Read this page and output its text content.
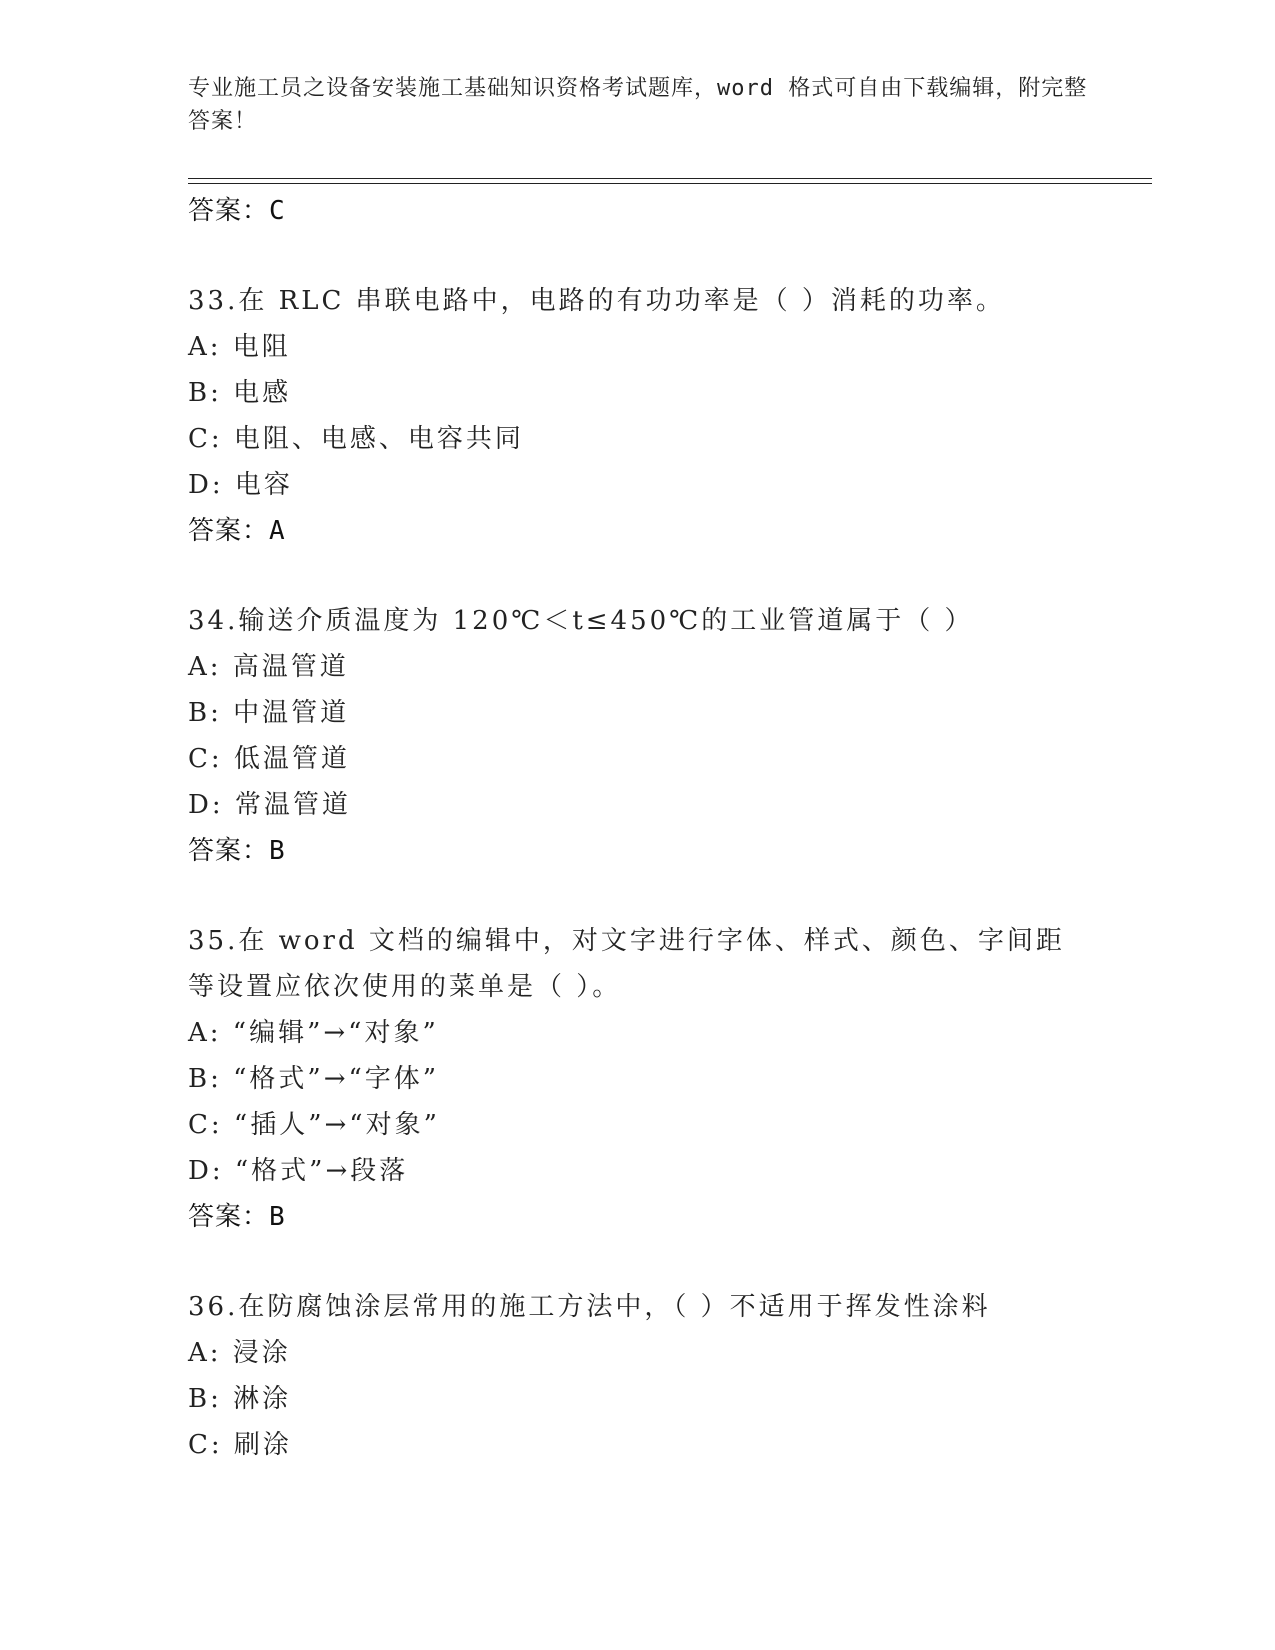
专业施工员之设备安装施工基础知识资格考试题库，word 格式可自由下载编辑，附完整答案！
答案：C
33.在 RLC 串联电路中，电路的有功功率是（ ）消耗的功率。
A: 电阻
B: 电感
C: 电阻、电感、电容共同
D: 电容
答案：A
34.输送介质温度为 120℃＜t≤450℃的工业管道属于（ ）
A: 高温管道
B: 中温管道
C: 低温管道
D: 常温管道
答案：B
35.在 word 文档的编辑中，对文字进行字体、样式、颜色、字间距等设置应依次使用的菜单是（ ）。
A: “编辑”→“对象”
B: “格式”→“字体”
C: “插人”→“对象”
D: “格式”→段落
答案：B
36.在防腐蚀涂层常用的施工方法中，（ ）不适用于挥发性涂料
A: 浸涂
B: 淋涂
C: 刷涂
